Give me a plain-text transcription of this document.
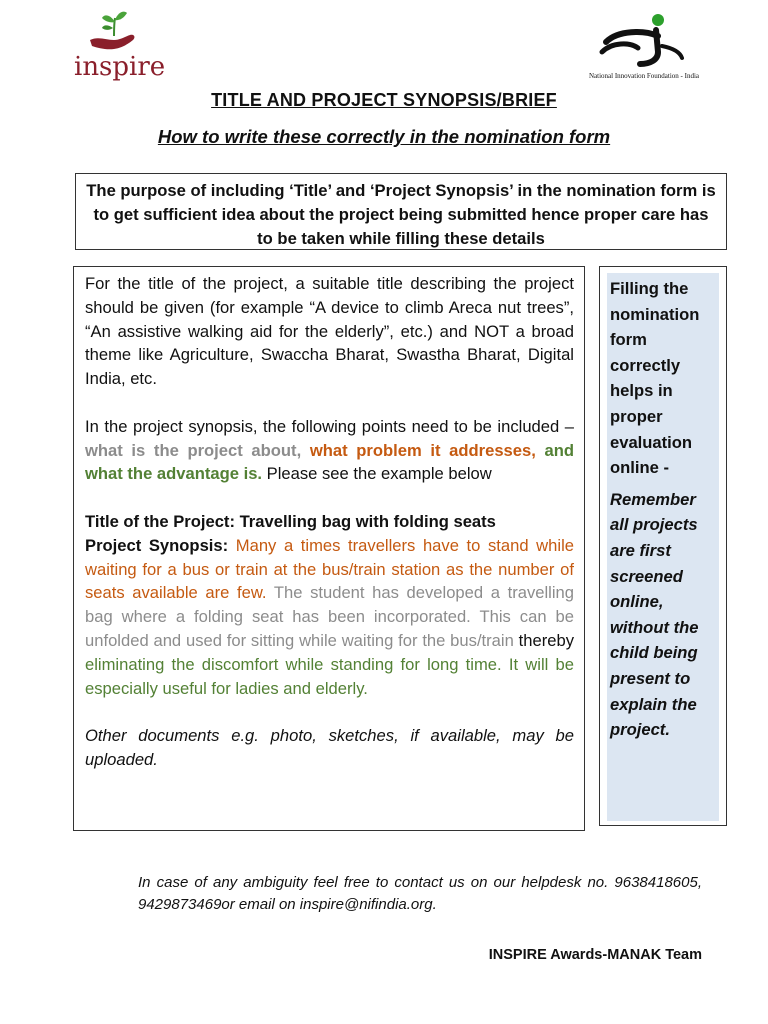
inspire	National Innovation Foundation - India
TITLE AND PROJECT SYNOPSIS/BRIEF
How to write these correctly in the nomination form
The purpose of including ‘Title’ and ‘Project Synopsis’ in the nomination form is to get sufficient idea about the project being submitted hence proper care has to be taken while filling these details

For the title of the project, a suitable title describing the project should be given (for example “A device to climb Areca nut trees”, “An assistive walking aid for the elderly”, etc.) and NOT a broad theme like Agriculture, Swaccha Bharat, Swastha Bharat, Digital India, etc.

In the project synopsis, the following points need to be included – what is the project about, what problem it addresses, and what the advantage is. Please see the example below

Title of the Project: Travelling bag with folding seats

Project Synopsis: Many a times travellers have to stand while waiting for a bus or train at the bus/train station as the number of seats available are few. The student has developed a travelling bag where a folding seat has been incorporated. This can be unfolded and used for sitting while waiting for the bus/train thereby eliminating the discomfort while standing for long time. It will be especially useful for ladies and elderly.

Other documents e.g. photo, sketches, if available, may be uploaded.

Filling the nomination form correctly helps in proper evaluation online -

Remember all projects are first screened online, without the child being present to explain the project.

In case of any ambiguity feel free to contact us on our helpdesk no. 9638418605, 9429873469or email on inspire@nifindia.org.
INSPIRE Awards-MANAK Team
